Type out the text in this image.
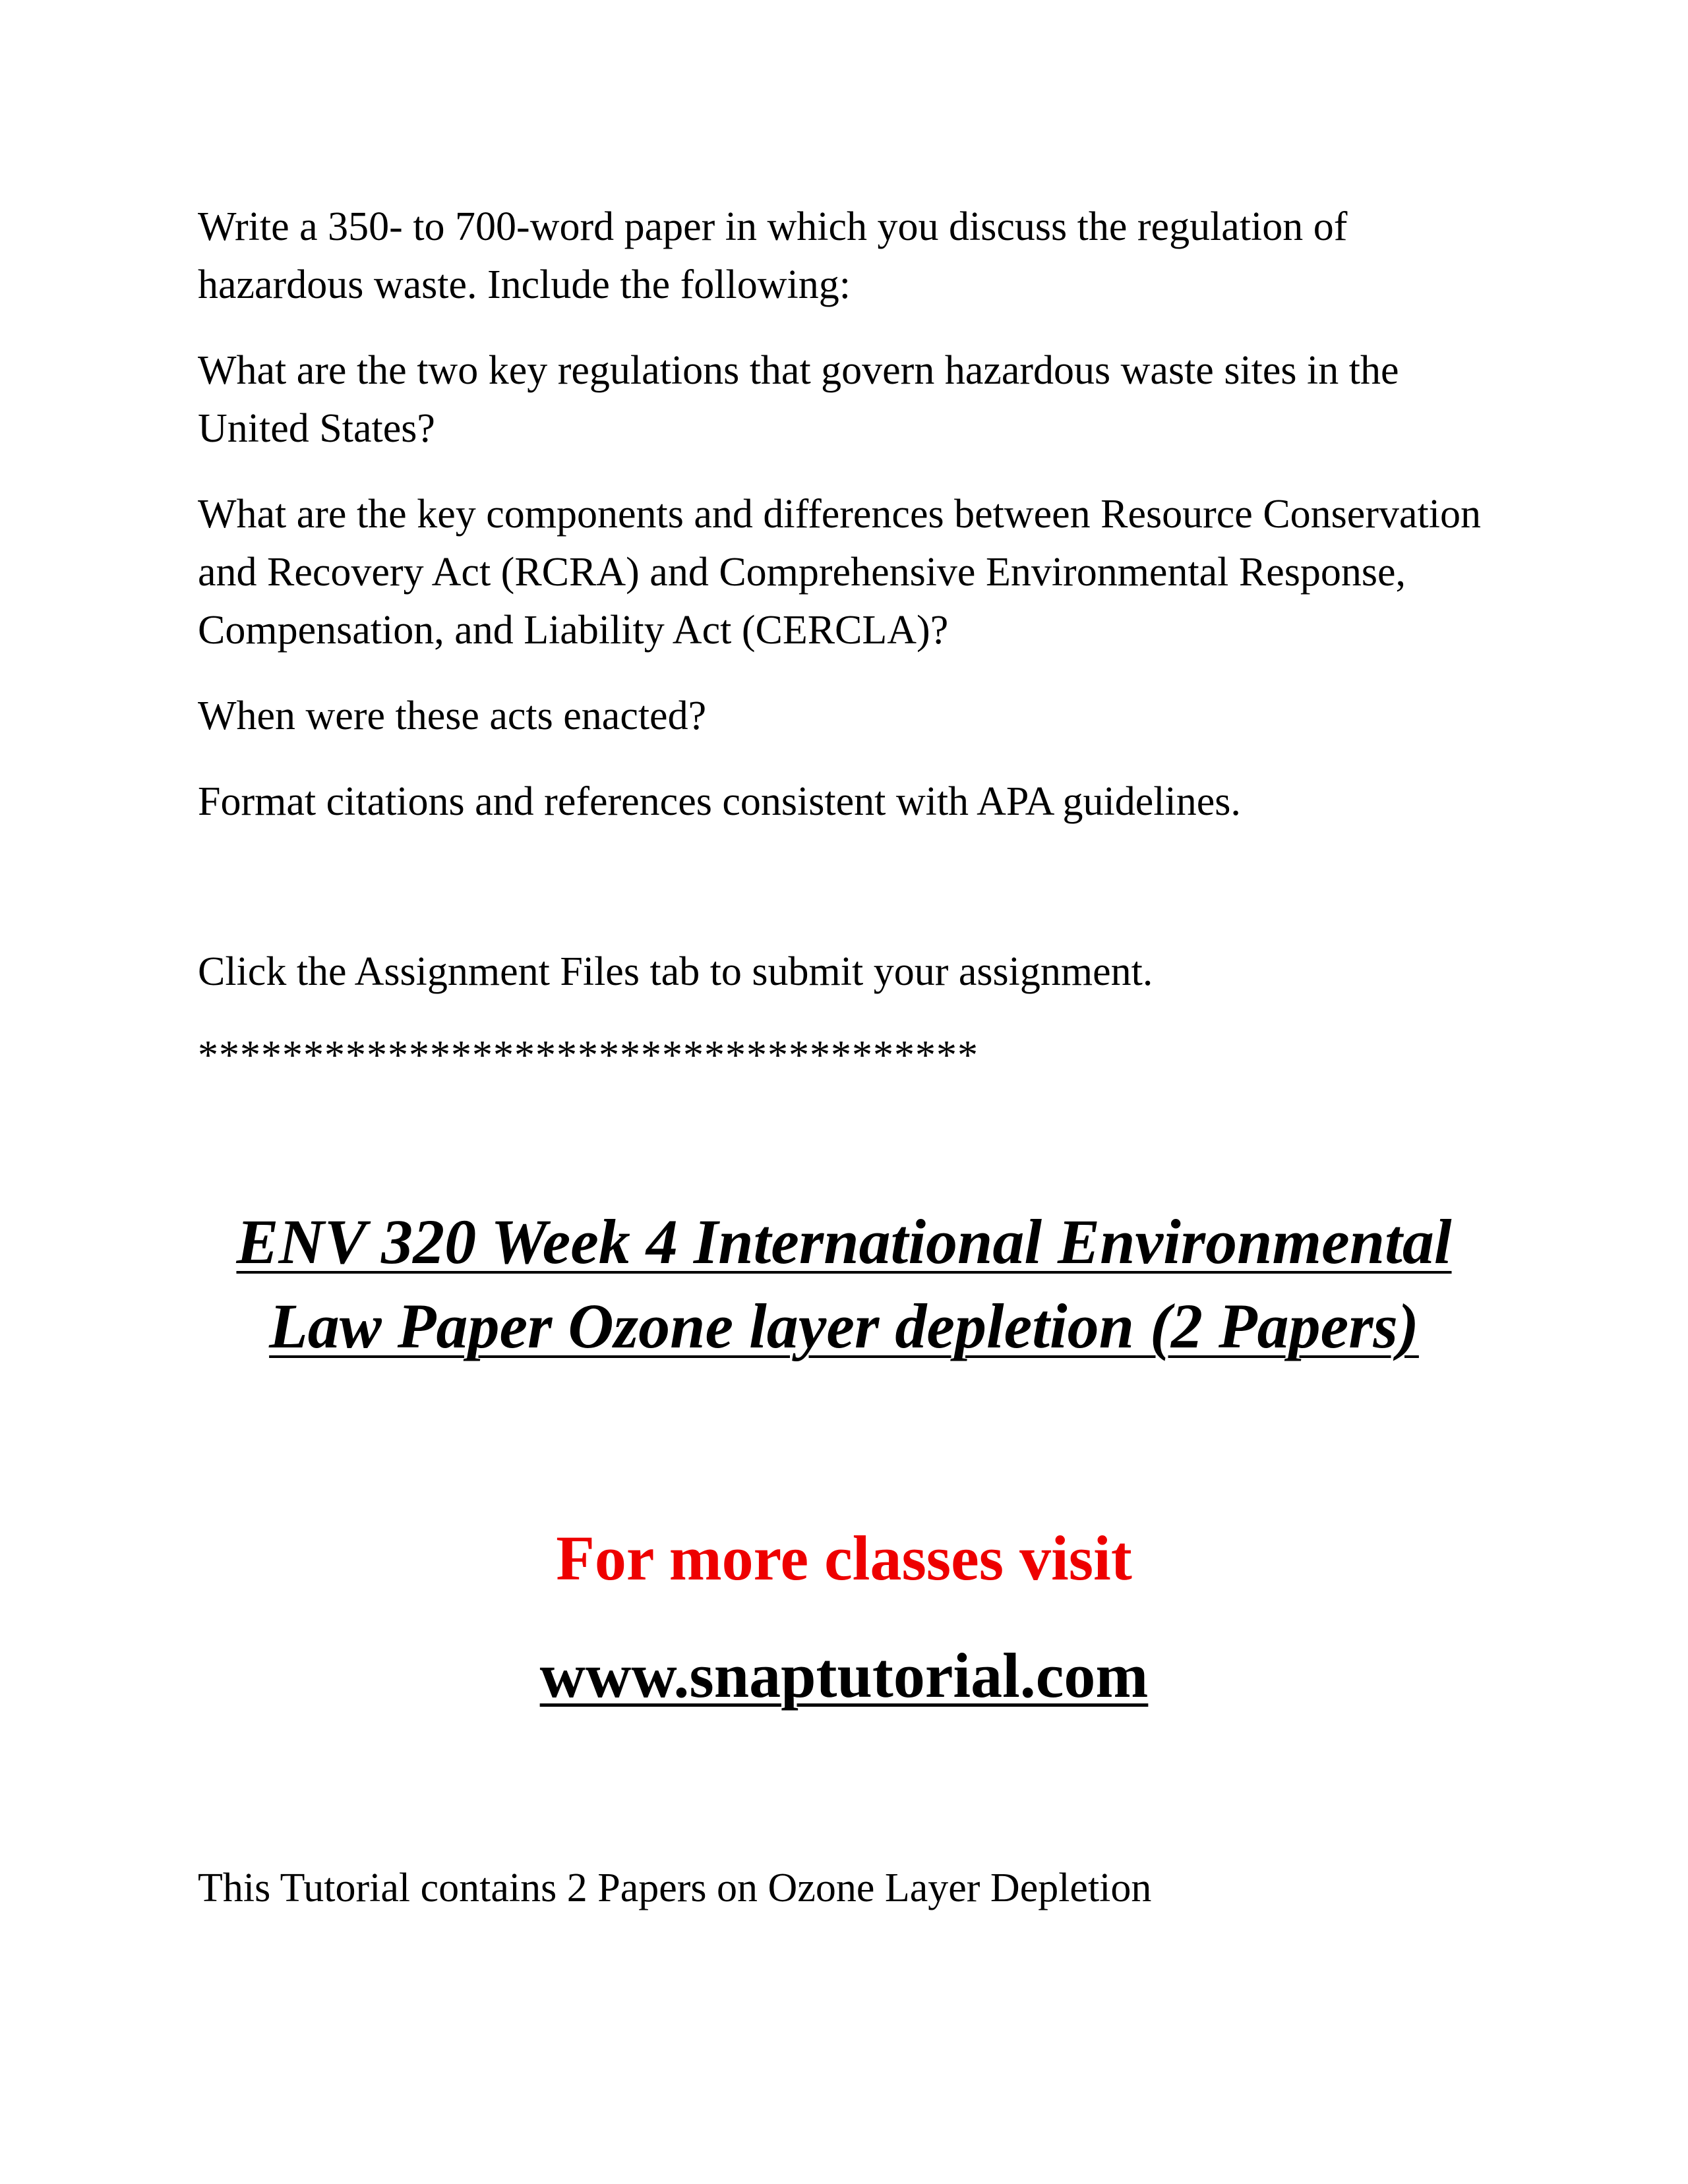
Write a 350- to 700-word paper in which you discuss the regulation of hazardous waste. Include the following:

What are the two key regulations that govern hazardous waste sites in the United States?

What are the key components and differences between Resource Conservation and Recovery Act (RCRA) and Comprehensive Environmental Response, Compensation, and Liability Act (CERCLA)?

When were these acts enacted?

Format citations and references consistent with APA guidelines.

Click the Assignment Files tab to submit your assignment.

*************************************

ENV 320 Week 4 International Environmental Law Paper Ozone layer depletion (2 Papers)

For more classes visit

www.snaptutorial.com

This Tutorial contains 2 Papers on Ozone Layer Depletion
